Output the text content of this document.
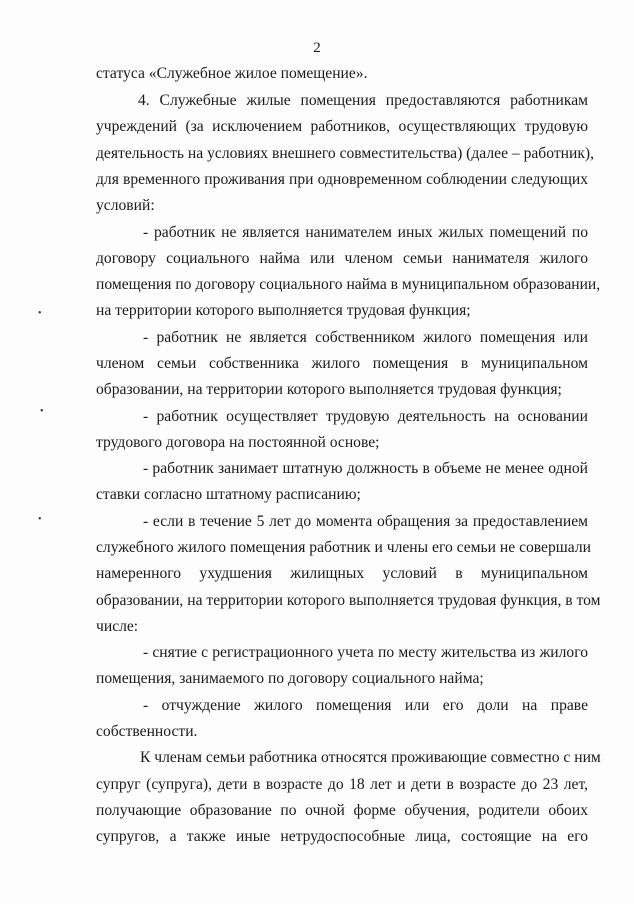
2
статуса «Служебное жилое помещение».
4. Служебные жилые помещения предоставляются работникам
учреждений (за исключением работников, осуществляющих трудовую
деятельность на условиях внешнего совместительства) (далее – работник),
для временного проживания при одновременном соблюдении следующих
условий:
- работник не является нанимателем иных жилых помещений по
договору социального найма или членом семьи нанимателя жилого
помещения по договору социального найма в муниципальном образовании,
на территории которого выполняется трудовая функция;
- работник не является собственником жилого помещения или
членом семьи собственника жилого помещения в муниципальном
образовании, на территории которого выполняется трудовая функция;
- работник осуществляет трудовую деятельность на основании
трудового договора на постоянной основе;
- работник занимает штатную должность в объеме не менее одной
ставки согласно штатному расписанию;
- если в течение 5 лет до момента обращения за предоставлением
служебного жилого помещения работник и члены его семьи не совершали
намеренного ухудшения жилищных условий в муниципальном
образовании, на территории которого выполняется трудовая функция, в том
числе:
- снятие с регистрационного учета по месту жительства из жилого
помещения, занимаемого по договору социального найма;
- отчуждение жилого помещения или его доли на праве
собственности.
К членам семьи работника относятся проживающие совместно с ним
супруг (супруга), дети в возрасте до 18 лет и дети в возрасте до 23 лет,
получающие образование по очной форме обучения, родители обоих
супругов, а также иные нетрудоспособные лица, состоящие на его
•
•
•
